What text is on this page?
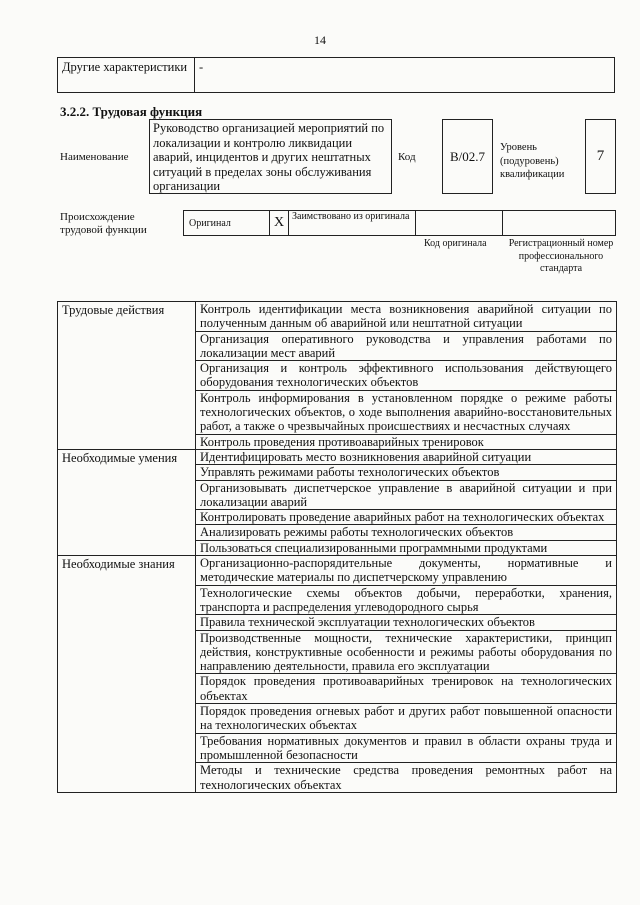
14
Другие характеристики	-
3.2.2. Трудовая функция
Наименование
Руководство организацией мероприятий по локализации и контролю ликвидации аварий, инцидентов и других нештатных ситуаций в пределах зоны обслуживания организации
Код	B/02.7
Уровень (подуровень) квалификации
7
Происхождение трудовой функции
Оригинал	X	Заимствовано из оригинала		
Код оригинала	Регистрационный номер профессионального стандарта
Трудовые действия	Контроль идентификации места возникновения аварийной ситуации по полученным данным об аварийной или нештатной ситуации
	Организация оперативного руководства и управления работами по локализации мест аварий
	Организация и контроль эффективного использования действующего оборудования технологических объектов
	Контроль информирования в установленном порядке о режиме работы технологических объектов, о ходе выполнения аварийно-восстановительных работ, а также о чрезвычайных происшествиях и несчастных случаях
	Контроль проведения противоаварийных тренировок
Необходимые умения	Идентифицировать место возникновения аварийной ситуации
	Управлять режимами работы технологических объектов
	Организовывать диспетчерское управление в аварийной ситуации и при локализации аварий
	Контролировать проведение аварийных работ на технологических объектах
	Анализировать режимы работы технологических объектов
	Пользоваться специализированными программными продуктами
Необходимые знания	Организационно-распорядительные документы, нормативные и методические материалы по диспетчерскому управлению
	Технологические схемы объектов добычи, переработки, хранения, транспорта и распределения углеводородного сырья
	Правила технической эксплуатации технологических объектов
	Производственные мощности, технические характеристики, принцип действия, конструктивные особенности и режимы работы оборудования по направлению деятельности, правила его эксплуатации
	Порядок проведения противоаварийных тренировок на технологических объектах
	Порядок проведения огневых работ и других работ повышенной опасности на технологических объектах
	Требования нормативных документов и правил в области охраны труда и промышленной безопасности
	Методы и технические средства проведения ремонтных работ на технологических объектах
